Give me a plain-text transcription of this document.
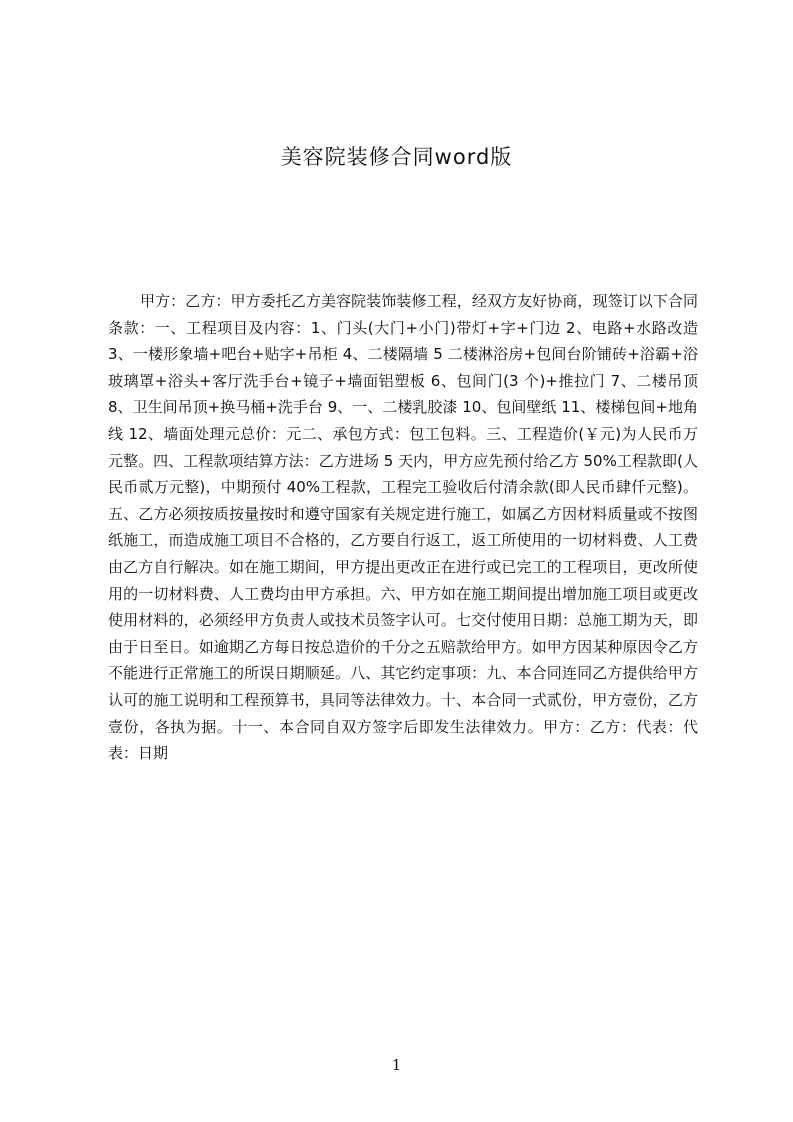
美容院装修合同word版
甲方：乙方：甲方委托乙方美容院装饰装修工程，经双方友好协商，现签订以下合同条款：一、工程项目及内容：1、门头(大门+小门)带灯+字+门边 2、电路+水路改造 3、一楼形象墙+吧台+贴字+吊柜 4、二楼隔墙 5 二楼淋浴房+包间台阶铺砖+浴霸+浴玻璃罩+浴头+客厅洗手台+镜子+墙面铝塑板 6、包间门(3 个)+推拉门 7、二楼吊顶 8、卫生间吊顶+换马桶+洗手台 9、一、二楼乳胶漆 10、包间壁纸 11、楼梯包间+地角线 12、墙面处理元总价：元二、承包方式：包工包料。三、工程造价(￥元)为人民币万元整。四、工程款项结算方法：乙方进场 5 天内，甲方应先预付给乙方 50%工程款即(人民币贰万元整)，中期预付 40%工程款，工程完工验收后付清余款(即人民币肆仟元整)。五、乙方必须按质按量按时和遵守国家有关规定进行施工，如属乙方因材料质量或不按图纸施工，而造成施工项目不合格的，乙方要自行返工，返工所使用的一切材料费、人工费由乙方自行解决。如在施工期间，甲方提出更改正在进行或已完工的工程项目，更改所使用的一切材料费、人工费均由甲方承担。六、甲方如在施工期间提出增加施工项目或更改使用材料的，必须经甲方负责人或技术员签字认可。七交付使用日期：总施工期为天，即由于日至日。如逾期乙方每日按总造价的千分之五赔款给甲方。如甲方因某种原因令乙方不能进行正常施工的所误日期顺延。八、其它约定事项：九、本合同连同乙方提供给甲方认可的施工说明和工程预算书，具同等法律效力。十、本合同一式贰份，甲方壹份，乙方壹份，各执为据。十一、本合同自双方签字后即发生法律效力。甲方：乙方：代表：代表：日期
1
